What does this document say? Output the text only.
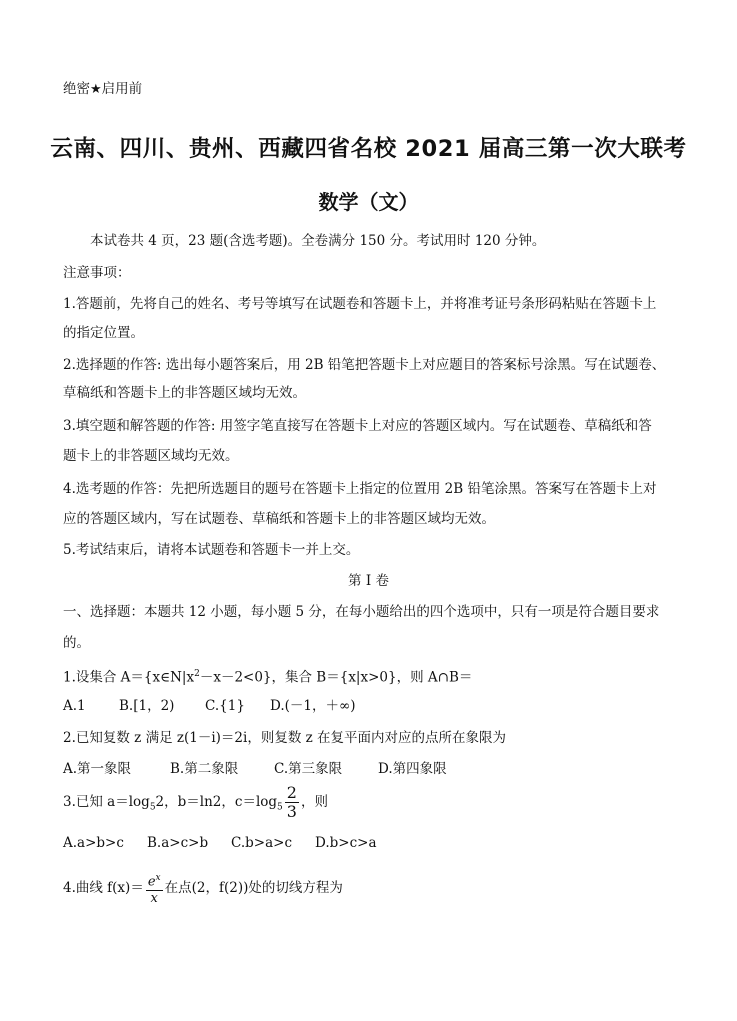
绝密★启用前
云南、四川、贵州、西藏四省名校 2021 届高三第一次大联考
数学（文）
本试卷共 4 页，23 题(含选考题)。全卷满分 150 分。考试用时 120 分钟。
注意事项：
1.答题前，先将自己的姓名、考号等填写在试题卷和答题卡上，并将准考证号条形码粘贴在答题卡上
的指定位置。
2.选择题的作答: 选出每小题答案后，用 2B 铅笔把答题卡上对应题目的答案标号涂黑。写在试题卷、
草稿纸和答题卡上的非答题区域均无效。
3.填空题和解答题的作答: 用签字笔直接写在答题卡上对应的答题区域内。写在试题卷、草稿纸和答
题卡上的非答题区域均无效。
4.选考题的作答：先把所选题目的题号在答题卡上指定的位置用 2B 铅笔涂黑。答案写在答题卡上对
应的答题区域内，写在试题卷、草稿纸和答题卡上的非答题区域均无效。
5.考试结束后，请将本试题卷和答题卡一并上交。
第 I 卷
一、选择题：本题共 12 小题，每小题 5 分，在每小题给出的四个选项中，只有一项是符合题目要求
的。
1.设集合 $A=\{x\in N|x^2-x-2<0\}$，集合 B＝{x|x>0}，则 A∩B＝
A.1 B.[1，2) C.{1} D.(－1，＋∞)
2.已知复数 z 满足 z(1－i)＝2i，则复数 z 在复平面内对应的点所在象限为
A.第一象限	B.第二象限	C.第三象限	D.第四象限
3.已知 $a=\log_52$，b＝ln2，$c=\log_5 \frac{2}{3}$ ，则
A.a>b>c B.a>c>b C.b>a>c D.b>c>a
4.曲线 $f(x)= \frac{e^x}{x}$ 在点(2，f(2))处的切线方程为
